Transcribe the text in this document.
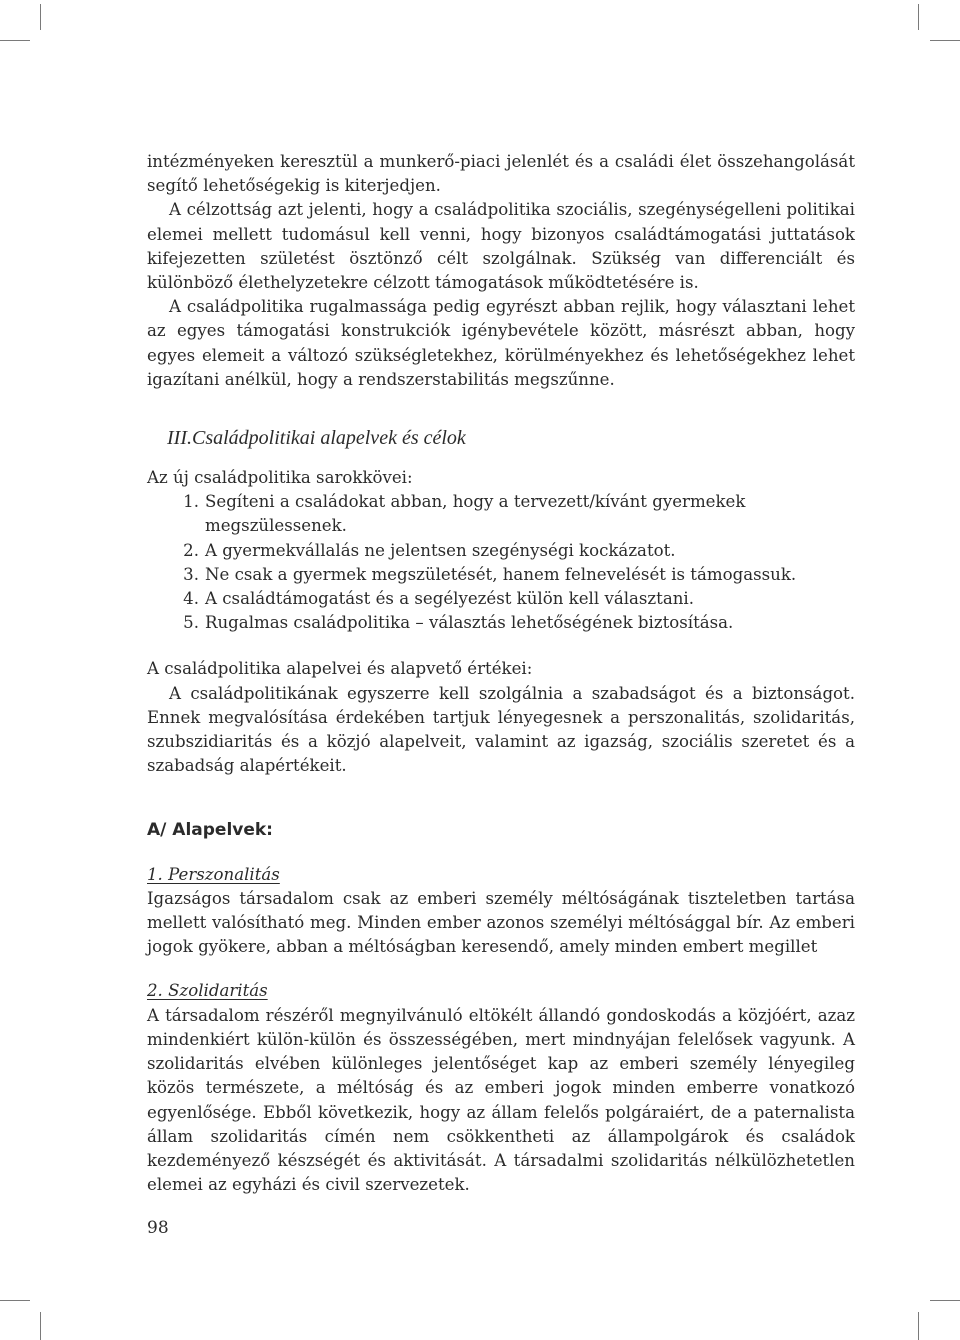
intézményeken keresztül a munkerő-piaci jelenlét és a családi élet összehangolását segítő lehetőségekig is kiterjedjen.

A célzottság azt jelenti, hogy a családpolitika szociális, szegénységelleni politikai elemei mellett tudomásul kell venni, hogy bizonyos családtámogatási juttatások kifejezetten születést ösztönző célt szolgálnak. Szükség van differenciált és különböző élethelyzetekre célzott támogatások működtetésére is.

A családpolitika rugalmassága pedig egyrészt abban rejlik, hogy választani lehet az egyes támogatási konstrukciók igénybevétele között, másrészt abban, hogy egyes elemeit a változó szükségletekhez, körülményekhez és lehetőségekhez lehet igazítani anélkül, hogy a rendszerstabilitás megszűnne.

III.Családpolitikai alapelvek és célok

Az új családpolitika sarokkövei:

1. Segíteni a családokat abban, hogy a tervezett/kívánt gyermekek megszülessenek.
2. A gyermekvállalás ne jelentsen szegénységi kockázatot.
3. Ne csak a gyermek megszületését, hanem felnevelését is támogassuk.
4. A családtámogatást és a segélyezést külön kell választani.
5. Rugalmas családpolitika – választás lehetőségének biztosítása.

A családpolitika alapelvei és alapvető értékei:

A családpolitikának egyszerre kell szolgálnia a szabadságot és a biztonságot. Ennek megvalósítása érdekében tartjuk lényegesnek a perszonalitás, szolidaritás, szubszidiaritás és a közjó alapelveit, valamint az igazság, szociális szeretet és a szabadság alapértékeit.

A/ Alapelvek:
1. Perszonalitás

Igazságos társadalom csak az emberi személy méltóságának tiszteletben tartása mellett valósítható meg. Minden ember azonos személyi méltósággal bír. Az emberi jogok gyökere, abban a méltóságban keresendő, amely minden embert megillet

2. Szolidaritás

A társadalom részéről megnyilvánuló eltökélt állandó gondoskodás a közjóért, azaz mindenkiért külön-külön és összességében, mert mindnyájan felelősek vagyunk. A szolidaritás elvében különleges jelentőséget kap az emberi személy lényegileg közös természete, a méltóság és az emberi jogok minden emberre vonatkozó egyenlősége. Ebből következik, hogy az állam felelős polgáraiért, de a paternalista állam szolidaritás címén nem csökkentheti az állampolgárok és családok kezdeményező készségét és aktivitását. A társadalmi szolidaritás nélkülözhetetlen elemei az egyházi és civil szervezetek.

98
